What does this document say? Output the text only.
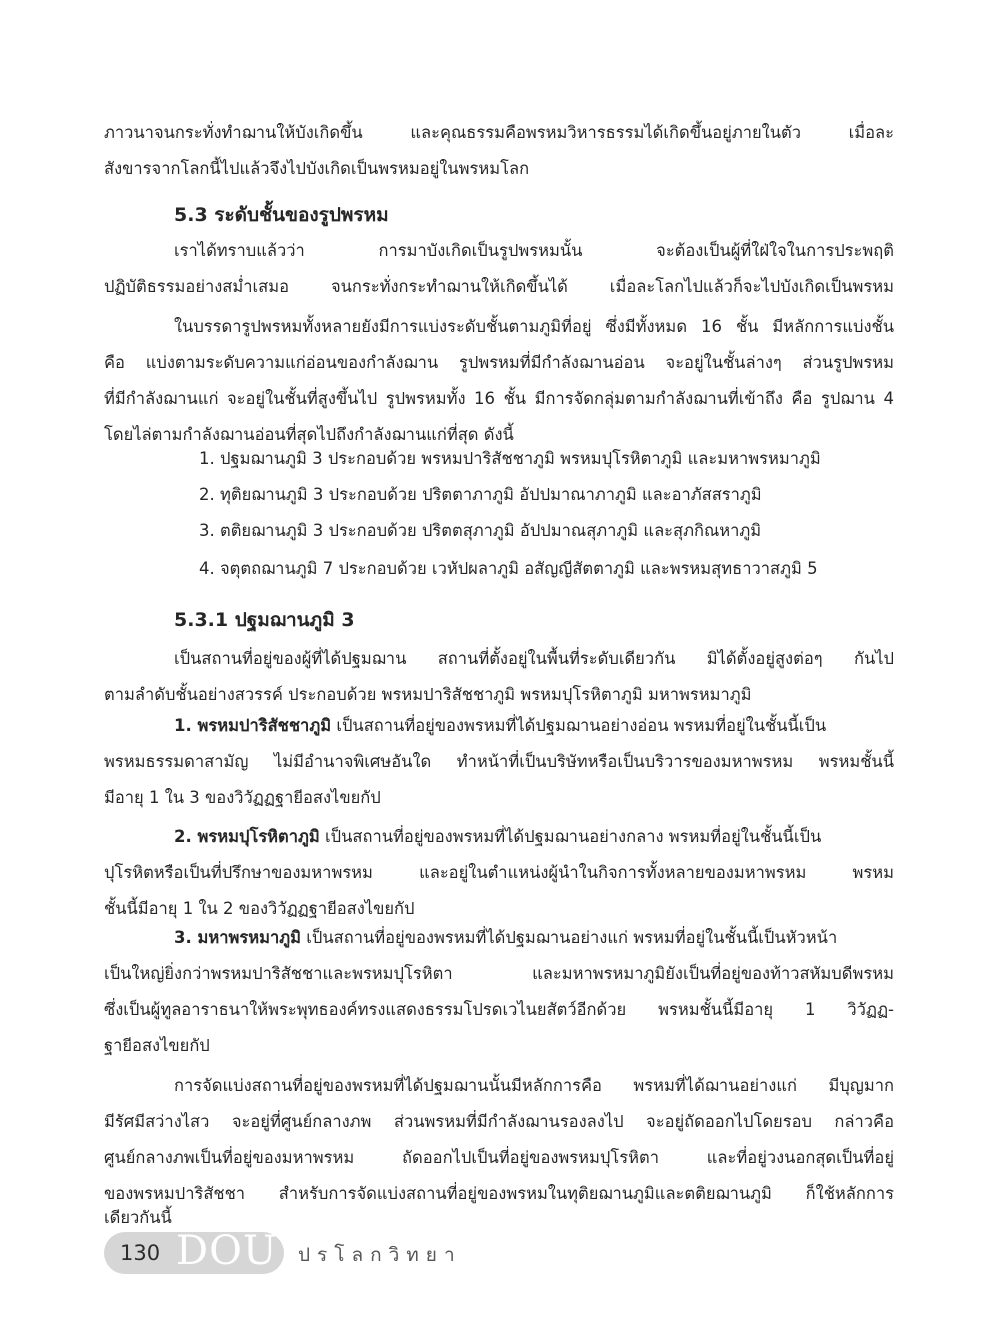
ภาวนาจนกระทั่งทำฌานให้บังเกิดขึ้น และคุณธรรมคือพรหมวิหารธรรมได้เกิดขึ้นอยู่ภายในตัว เมื่อละ
สังขารจากโลกนี้ไปแล้วจึงไปบังเกิดเป็นพรหมอยู่ในพรหมโลก
5.3 ระดับชั้นของรูปพรหม
เราได้ทราบแล้วว่า การมาบังเกิดเป็นรูปพรหมนั้น จะต้องเป็นผู้ที่ใฝ่ใจในการประพฤติ
ปฏิบัติธรรมอย่างสม่ำเสมอ จนกระทั่งกระทำฌานให้เกิดขึ้นได้ เมื่อละโลกไปแล้วก็จะไปบังเกิดเป็นพรหม
ในบรรดารูปพรหมทั้งหลายยังมีการแบ่งระดับชั้นตามภูมิที่อยู่ ซึ่งมีทั้งหมด 16 ชั้น มีหลักการแบ่งชั้น
คือ แบ่งตามระดับความแก่อ่อนของกำลังฌาน รูปพรหมที่มีกำลังฌานอ่อน จะอยู่ในชั้นล่างๆ ส่วนรูปพรหม
ที่มีกำลังฌานแก่ จะอยู่ในชั้นที่สูงขึ้นไป รูปพรหมทั้ง 16 ชั้น มีการจัดกลุ่มตามกำลังฌานที่เข้าถึง คือ รูปฌาน 4
โดยไล่ตามกำลังฌานอ่อนที่สุดไปถึงกำลังฌานแก่ที่สุด ดังนี้
1. ปฐมฌานภูมิ 3 ประกอบด้วย พรหมปาริสัชชาภูมิ พรหมปุโรหิตาภูมิ และมหาพรหมาภูมิ
2. ทุติยฌานภูมิ 3 ประกอบด้วย ปริตตาภาภูมิ อัปปมาณาภาภูมิ และอาภัสสราภูมิ
3. ตติยฌานภูมิ 3 ประกอบด้วย ปริตตสุภาภูมิ อัปปมาณสุภาภูมิ และสุภกิณหาภูมิ
4. จตุตถฌานภูมิ 7 ประกอบด้วย เวหัปผลาภูมิ อสัญญีสัตตาภูมิ และพรหมสุทธาวาสภูมิ 5
5.3.1 ปฐมฌานภูมิ 3
เป็นสถานที่อยู่ของผู้ที่ได้ปฐมฌาน สถานที่ตั้งอยู่ในพื้นที่ระดับเดียวกัน มิได้ตั้งอยู่สูงต่อๆ กันไป
ตามลำดับชั้นอย่างสวรรค์ ประกอบด้วย พรหมปาริสัชชาภูมิ พรหมปุโรหิตาภูมิ มหาพรหมาภูมิ
1. พรหมปาริสัชชาภูมิ เป็นสถานที่อยู่ของพรหมที่ได้ปฐมฌานอย่างอ่อน พรหมที่อยู่ในชั้นนี้เป็น
พรหมธรรมดาสามัญ ไม่มีอำนาจพิเศษอันใด ทำหน้าที่เป็นบริษัทหรือเป็นบริวารของมหาพรหม พรหมชั้นนี้
มีอายุ 1 ใน 3 ของวิวัฏฏฐายีอสงไขยกัป
2. พรหมปุโรหิตาภูมิ เป็นสถานที่อยู่ของพรหมที่ได้ปฐมฌานอย่างกลาง พรหมที่อยู่ในชั้นนี้เป็น
ปุโรหิตหรือเป็นที่ปรึกษาของมหาพรหม และอยู่ในตำแหน่งผู้นำในกิจการทั้งหลายของมหาพรหม พรหม
ชั้นนี้มีอายุ 1 ใน 2 ของวิวัฏฏฐายีอสงไขยกัป
3. มหาพรหมาภูมิ เป็นสถานที่อยู่ของพรหมที่ได้ปฐมฌานอย่างแก่ พรหมที่อยู่ในชั้นนี้เป็นหัวหน้า
เป็นใหญ่ยิ่งกว่าพรหมปาริสัชชาและพรหมปุโรหิตา และมหาพรหมาภูมิยังเป็นที่อยู่ของท้าวสหัมบดีพรหม
ซึ่งเป็นผู้ทูลอาราธนาให้พระพุทธองค์ทรงแสดงธรรมโปรดเวไนยสัตว์อีกด้วย พรหมชั้นนี้มีอายุ 1 วิวัฏฏ-
ฐายีอสงไขยกัป
การจัดแบ่งสถานที่อยู่ของพรหมที่ได้ปฐมฌานนั้นมีหลักการคือ พรหมที่ได้ฌานอย่างแก่ มีบุญมาก
มีรัศมีสว่างไสว จะอยู่ที่ศูนย์กลางภพ ส่วนพรหมที่มีกำลังฌานรองลงไป จะอยู่ถัดออกไปโดยรอบ กล่าวคือ
ศูนย์กลางภพเป็นที่อยู่ของมหาพรหม ถัดออกไปเป็นที่อยู่ของพรหมปุโรหิตา และที่อยู่วงนอกสุดเป็นที่อยู่
ของพรหมปาริสัชชา สำหรับการจัดแบ่งสถานที่อยู่ของพรหมในทุติยฌานภูมิและตติยฌานภูมิ ก็ใช้หลักการ
เดียวกันนี้
130 DOU ปรโลกวิทยา
